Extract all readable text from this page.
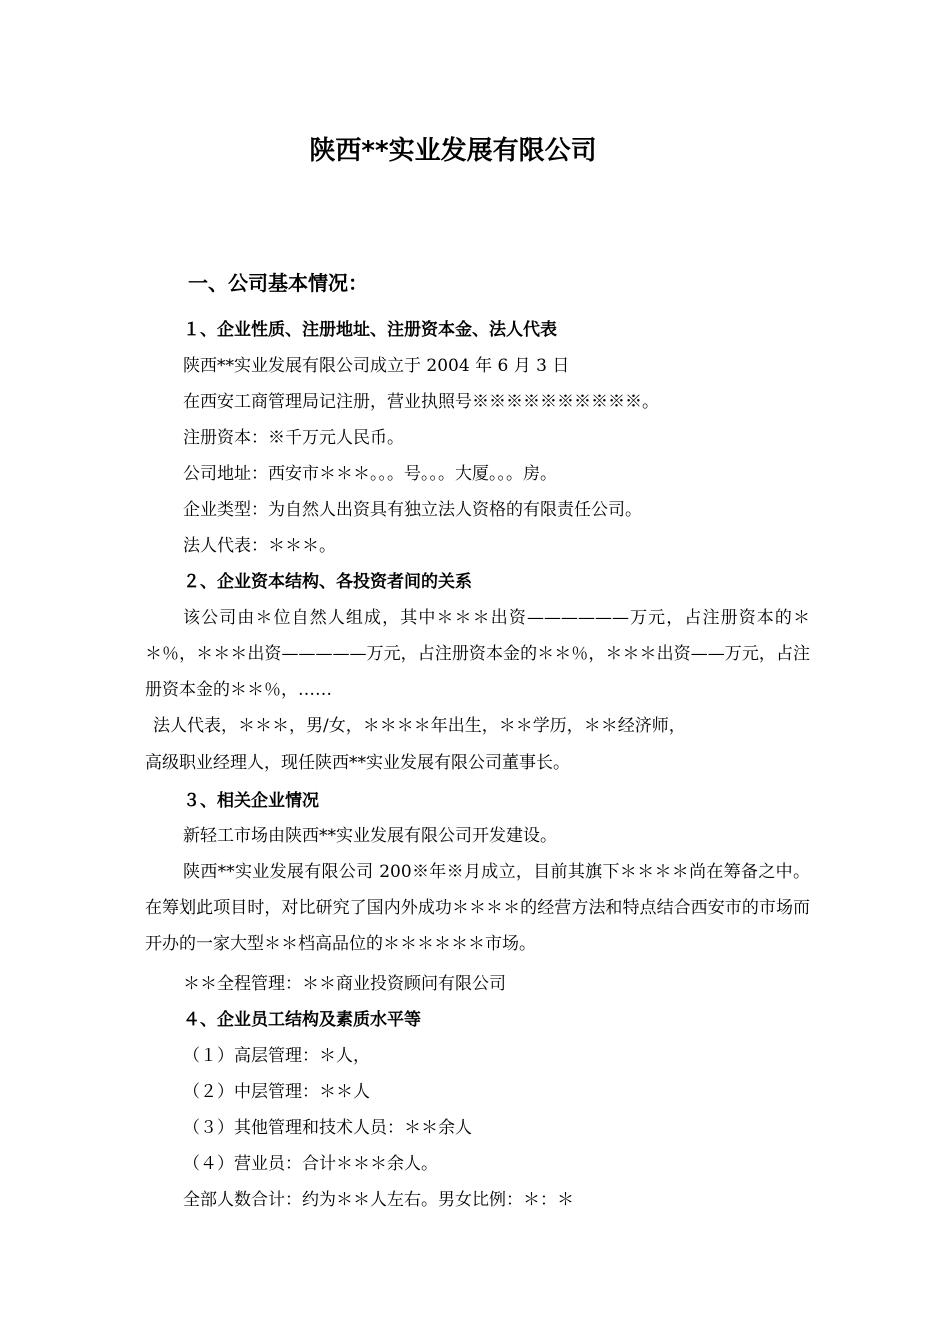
陕西**实业发展有限公司
一、公司基本情况：
１、企业性质、注册地址、注册资本金、法人代表
陕西**实业发展有限公司成立于 2004 年 6 月 3 日
在西安工商管理局记注册，营业执照号※※※※※※※※※※。
注册资本：※千万元人民币。
公司地址：西安市＊＊＊。。。号。。。大厦。。。房。
企业类型：为自然人出资具有独立法人资格的有限责任公司。
法人代表：＊＊＊。
２、企业资本结构、各投资者间的关系
该公司由＊位自然人组成，其中＊＊＊出资——————万元，占注册资本的＊＊％，＊＊＊出资—————万元，占注册资本金的＊＊％，＊＊＊出资——万元，占注册资本金的＊＊％，……
法人代表，＊＊＊，男/女，＊＊＊＊年出生，＊＊学历，＊＊经济师，
高级职业经理人，现任陕西**实业发展有限公司董事长。
３、相关企业情况
新轻工市场由陕西**实业发展有限公司开发建设。
陕西**实业发展有限公司 200※年※月成立，目前其旗下＊＊＊＊尚在筹备之中。在筹划此项目时，对比研究了国内外成功＊＊＊＊的经营方法和特点结合西安市的市场而开办的一家大型＊＊档高品位的＊＊＊＊＊＊市场。
＊＊全程管理：＊＊商业投资顾问有限公司
４、企业员工结构及素质水平等
（１）高层管理：＊人，
（２）中层管理：＊＊人
（３）其他管理和技术人员：＊＊余人
（４）营业员：合计＊＊＊余人。
全部人数合计：约为＊＊人左右。男女比例：＊：＊
